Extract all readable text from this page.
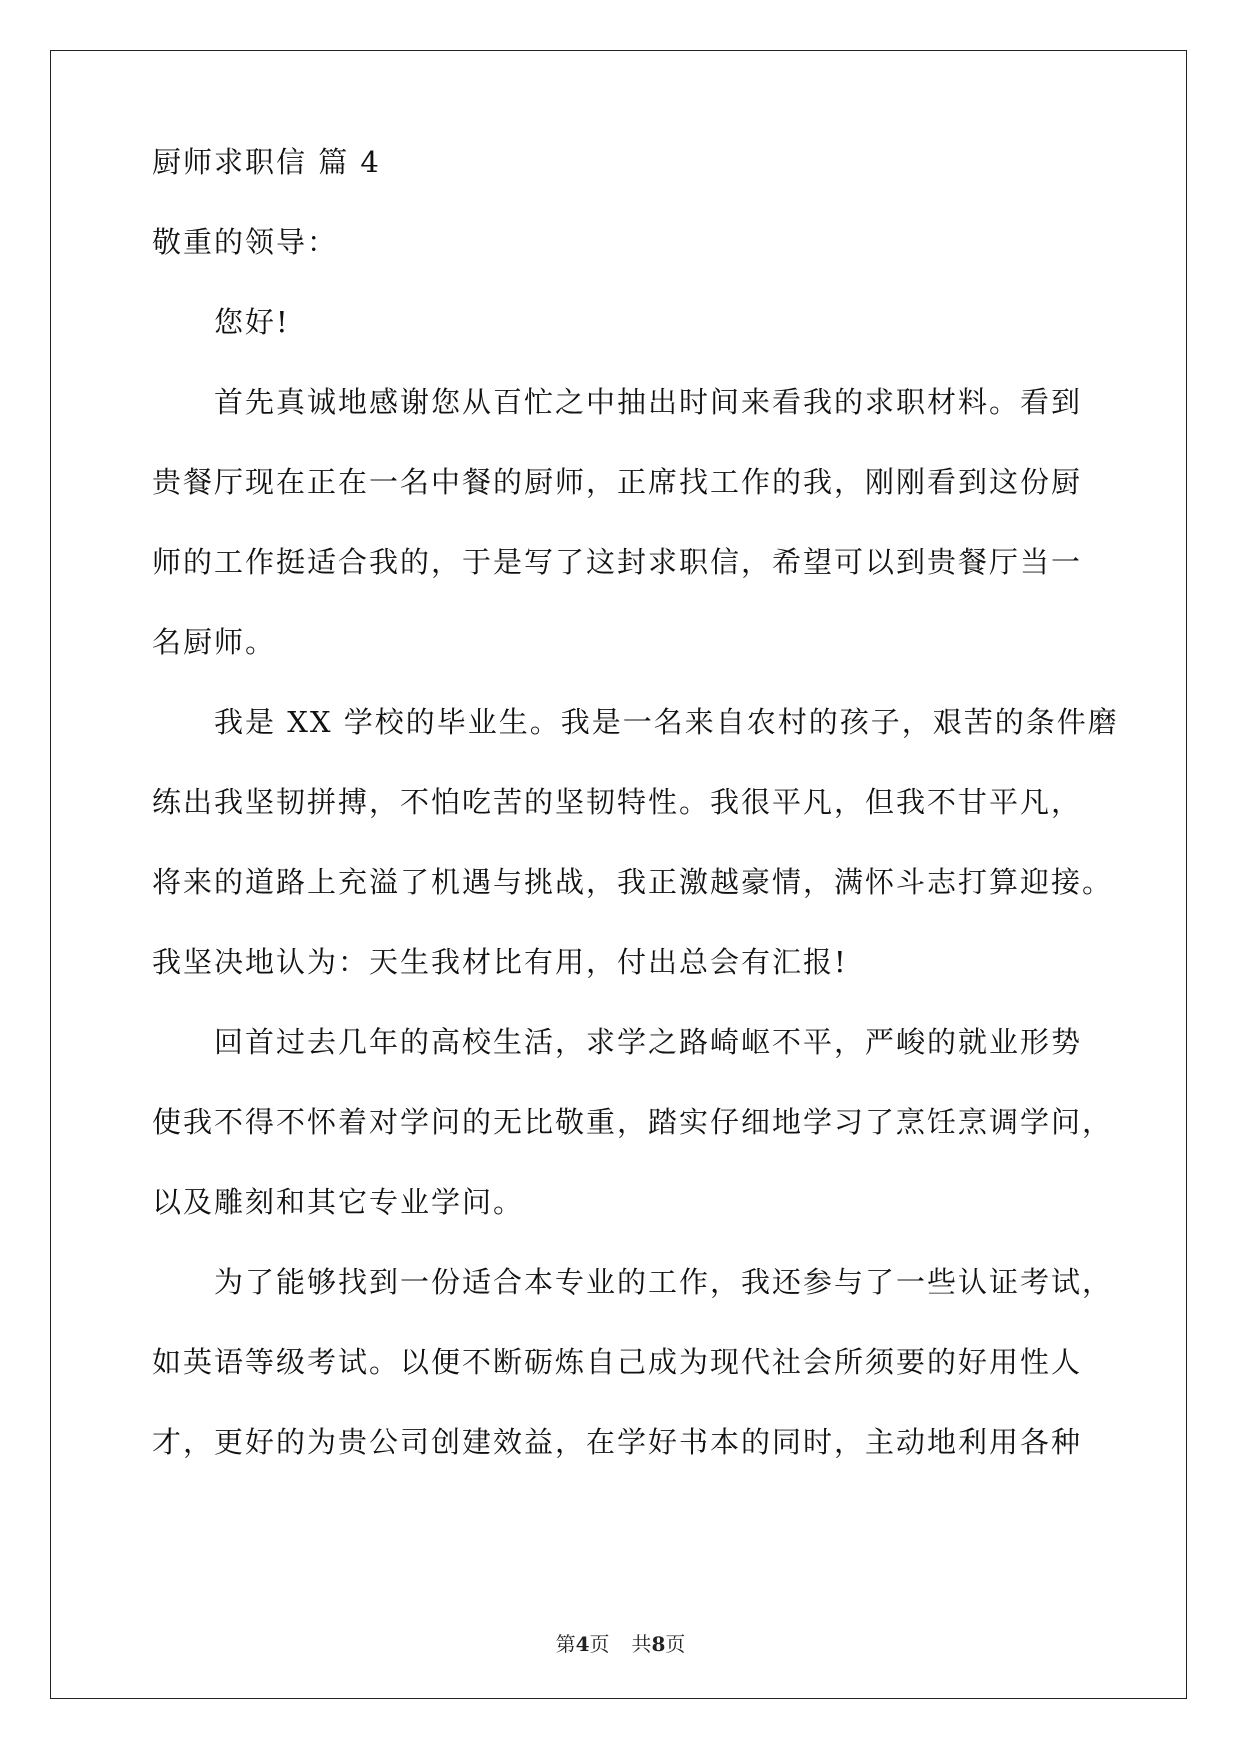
厨师求职信 篇 4
敬重的领导：
您好!
首先真诚地感谢您从百忙之中抽出时间来看我的求职材料。看到
贵餐厅现在正在一名中餐的厨师，正席找工作的我，刚刚看到这份厨
师的工作挺适合我的，于是写了这封求职信，希望可以到贵餐厅当一
名厨师。
我是 XX 学校的毕业生。我是一名来自农村的孩子，艰苦的条件磨
练出我坚韧拼搏，不怕吃苦的坚韧特性。我很平凡，但我不甘平凡，
将来的道路上充溢了机遇与挑战，我正激越豪情，满怀斗志打算迎接。
我坚决地认为：天生我材比有用，付出总会有汇报!
回首过去几年的高校生活，求学之路崎岖不平，严峻的就业形势
使我不得不怀着对学问的无比敬重，踏实仔细地学习了烹饪烹调学问，
以及雕刻和其它专业学问。
为了能够找到一份适合本专业的工作，我还参与了一些认证考试，
如英语等级考试。以便不断砺炼自己成为现代社会所须要的好用性人
才，更好的为贵公司创建效益，在学好书本的同时，主动地利用各种
第4页 共8页
